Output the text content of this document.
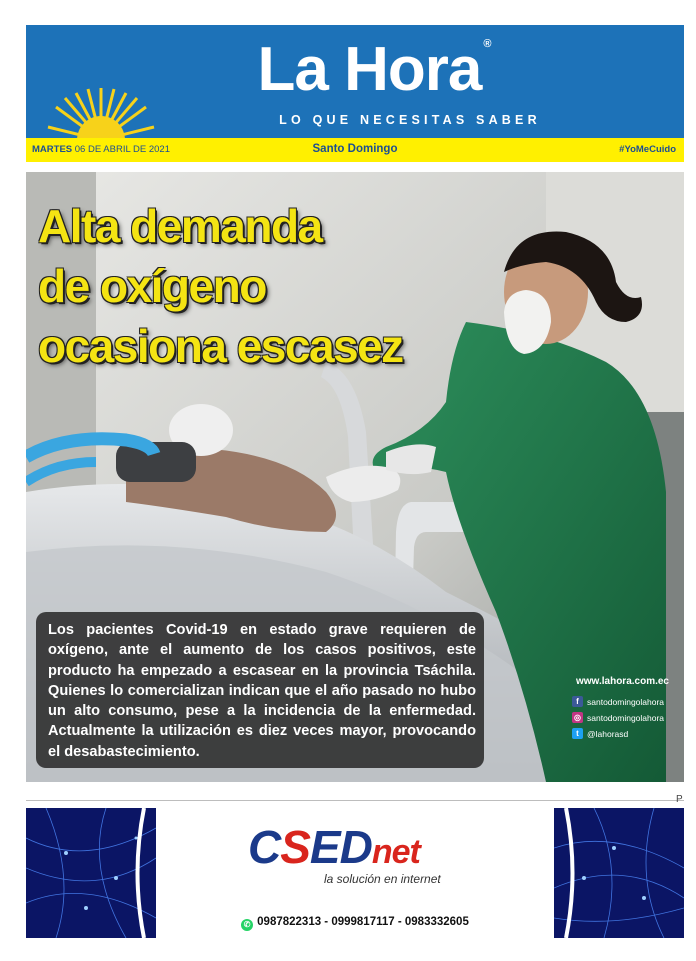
La Hora ®
LO QUE NECESITAS SABER
MARTES 06 DE ABRIL DE 2021	Santo Domingo	#YoMeCuido
Alta demanda
de oxígeno
ocasiona escasez

Los pacientes Covid-19 en estado grave requieren de oxígeno, ante el aumento de los casos positivos, este producto ha empezado a escasear en la provincia Tsáchila. Quienes lo comercializan indican que el año pasado no hubo un alto consumo, pese a la incidencia de la enfermedad. Actualmente la utilización es diez veces mayor, provocando el desabastecimiento.

www.lahora.com.ec
f santodomingolahora
◎ santodomingolahora
t @lahorasd
P
CSEDnet
la solución en internet
✆ 0987822313 - 0999817117 - 0983332605
